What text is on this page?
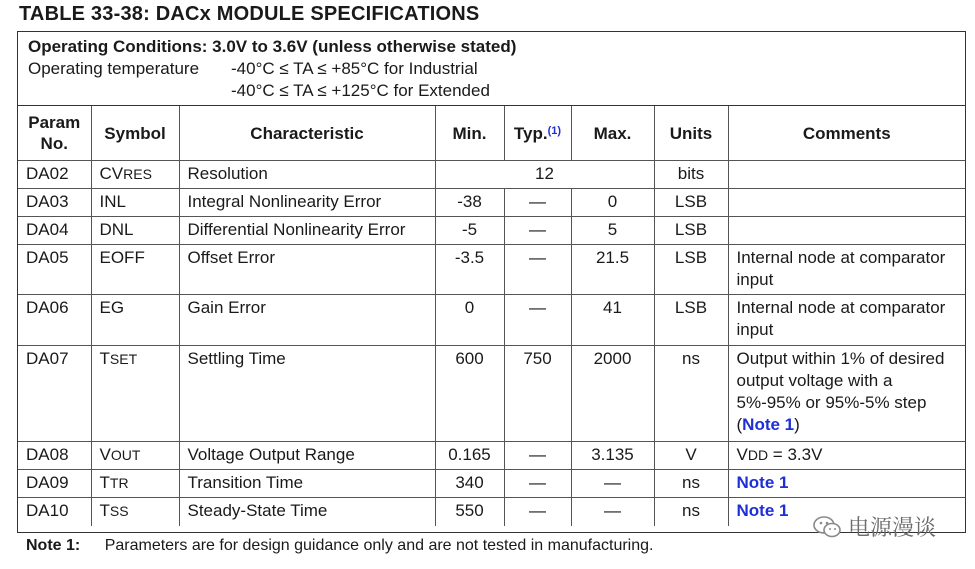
TABLE 33-38: DACx MODULE SPECIFICATIONS
Operating Conditions: 3.0V to 3.6V (unless otherwise stated)
Operating temperature	-40°C ≤ TA ≤ +85°C for Industrial
-40°C ≤ TA ≤ +125°C for Extended
Param No.	Symbol	Characteristic	Min.	Typ.$^{(1)}$	Max.	Units	Comments
DA02	CVRES	Resolution	12			bits	
DA03	INL	Integral Nonlinearity Error	-38	—	0	LSB	
DA04	DNL	Differential Nonlinearity Error	-5	—	5	LSB	
DA05	EOFF	Offset Error	-3.5	—	21.5	LSB	Internal node at comparator input
DA06	EG	Gain Error	0	—	41	LSB	Internal node at comparator input
DA07	TSET	Settling Time	600	750	2000	ns	Output within 1% of desired output voltage with a 5%-95% or 95%-5% step
(Note 1)
DA08	VOUT	Voltage Output Range	0.165	—	3.135	V	VDD = 3.3V
DA09	TTR	Transition Time	340	—	—	ns	Note 1
DA10	TSS	Steady-State Time	550	—	—	ns	Note 1
Note 1: Parameters are for design guidance only and are not tested in manufacturing.
电源漫谈
